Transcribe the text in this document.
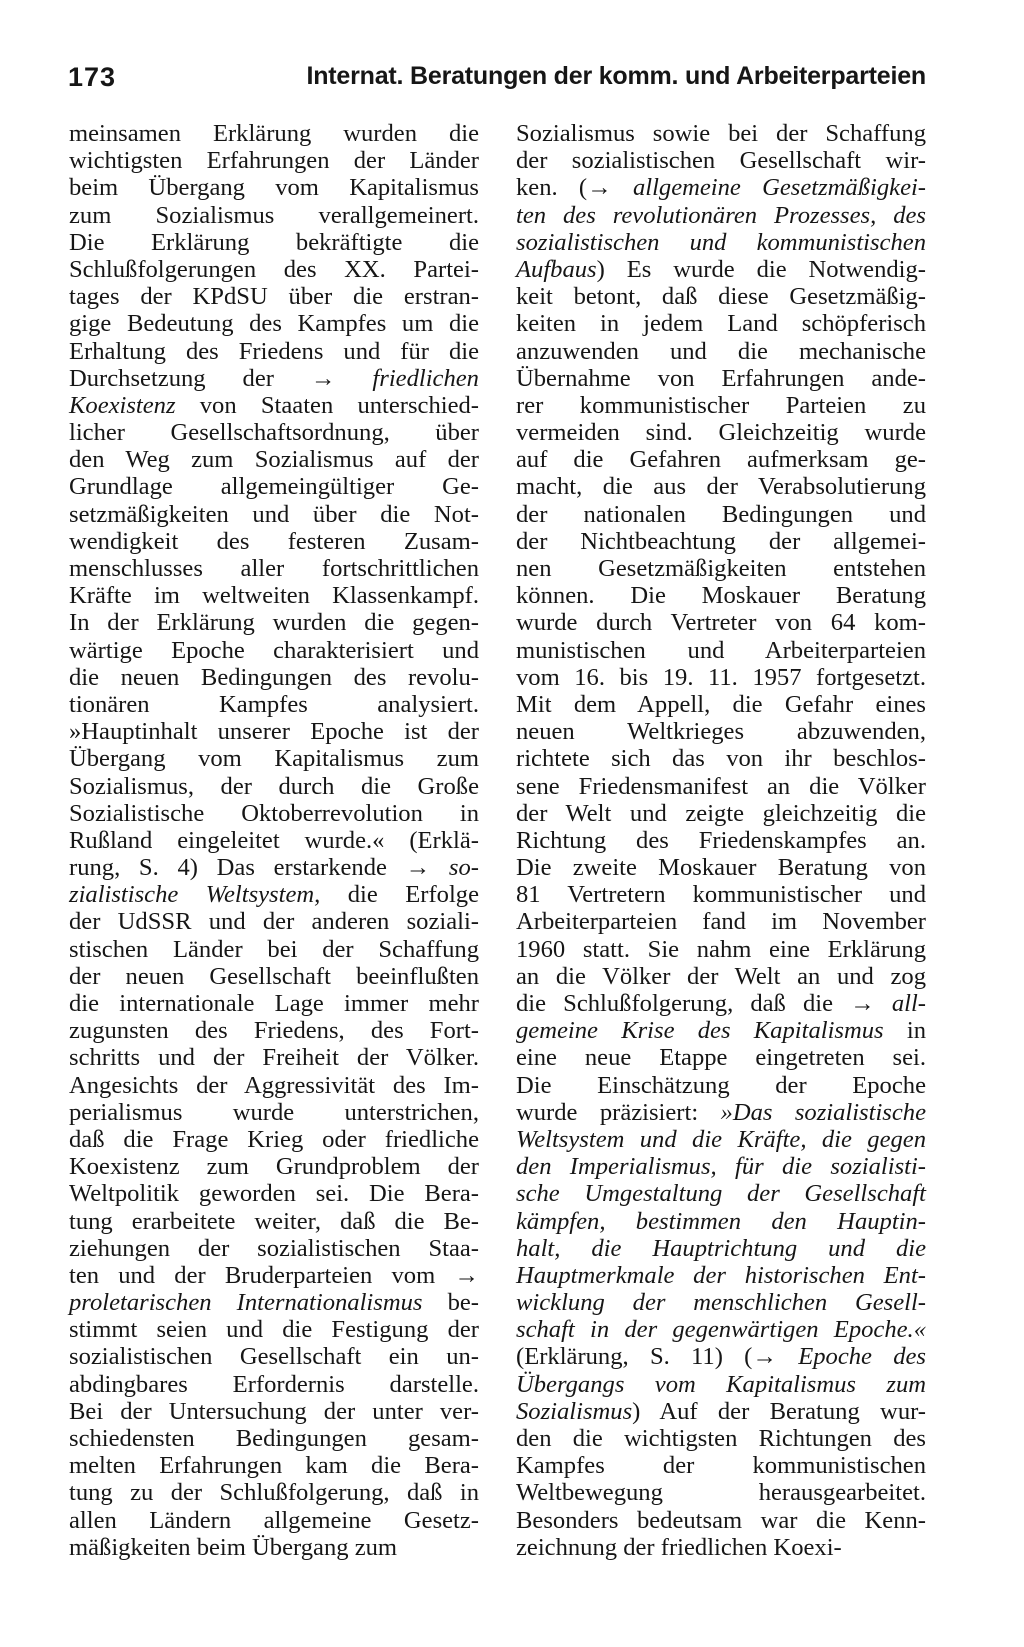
173	Internat. Beratungen der komm. und Arbeiterparteien
meinsamen Erklärung wurden die
wichtigsten Erfahrungen der Länder
beim Übergang vom Kapitalismus
zum Sozialismus verallgemeinert.
Die Erklärung bekräftigte die
Schlußfolgerungen des XX. Partei-
tages der KPdSU über die erstran-
gige Bedeutung des Kampfes um die
Erhaltung des Friedens und für die
Durchsetzung der → friedlichen
Koexistenz von Staaten unterschied-
licher Gesellschaftsordnung, über
den Weg zum Sozialismus auf der
Grundlage allgemeingültiger Ge-
setzmäßigkeiten und über die Not-
wendigkeit des festeren Zusam-
menschlusses aller fortschrittlichen
Kräfte im weltweiten Klassenkampf.
In der Erklärung wurden die gegen-
wärtige Epoche charakterisiert und
die neuen Bedingungen des revolu-
tionären Kampfes analysiert.
»Hauptinhalt unserer Epoche ist der
Übergang vom Kapitalismus zum
Sozialismus, der durch die Große
Sozialistische Oktoberrevolution in
Rußland eingeleitet wurde.« (Erklä-
rung, S. 4) Das erstarkende → so-
zialistische Weltsystem, die Erfolge
der UdSSR und der anderen soziali-
stischen Länder bei der Schaffung
der neuen Gesellschaft beeinflußten
die internationale Lage immer mehr
zugunsten des Friedens, des Fort-
schritts und der Freiheit der Völker.
Angesichts der Aggressivität des Im-
perialismus wurde unterstrichen,
daß die Frage Krieg oder friedliche
Koexistenz zum Grundproblem der
Weltpolitik geworden sei. Die Bera-
tung erarbeitete weiter, daß die Be-
ziehungen der sozialistischen Staa-
ten und der Bruderparteien vom →
proletarischen Internationalismus be-
stimmt seien und die Festigung der
sozialistischen Gesellschaft ein un-
abdingbares Erfordernis darstelle.
Bei der Untersuchung der unter ver-
schiedensten Bedingungen gesam-
melten Erfahrungen kam die Bera-
tung zu der Schlußfolgerung, daß in
allen Ländern allgemeine Gesetz-
mäßigkeiten beim Übergang zum
Sozialismus sowie bei der Schaffung
der sozialistischen Gesellschaft wir-
ken. (→ allgemeine Gesetzmäßigkei-
ten des revolutionären Prozesses, des
sozialistischen und kommunistischen
Aufbaus) Es wurde die Notwendig-
keit betont, daß diese Gesetzmäßig-
keiten in jedem Land schöpferisch
anzuwenden und die mechanische
Übernahme von Erfahrungen ande-
rer kommunistischer Parteien zu
vermeiden sind. Gleichzeitig wurde
auf die Gefahren aufmerksam ge-
macht, die aus der Verabsolutierung
der nationalen Bedingungen und
der Nichtbeachtung der allgemei-
nen Gesetzmäßigkeiten entstehen
können. Die Moskauer Beratung
wurde durch Vertreter von 64 kom-
munistischen und Arbeiterparteien
vom 16. bis 19. 11. 1957 fortgesetzt.
Mit dem Appell, die Gefahr eines
neuen Weltkrieges abzuwenden,
richtete sich das von ihr beschlos-
sene Friedensmanifest an die Völker
der Welt und zeigte gleichzeitig die
Richtung des Friedenskampfes an.
Die zweite Moskauer Beratung von
81 Vertretern kommunistischer und
Arbeiterparteien fand im November
1960 statt. Sie nahm eine Erklärung
an die Völker der Welt an und zog
die Schlußfolgerung, daß die → all-
gemeine Krise des Kapitalismus in
eine neue Etappe eingetreten sei.
Die Einschätzung der Epoche
wurde präzisiert: »Das sozialistische
Weltsystem und die Kräfte, die gegen
den Imperialismus, für die sozialisti-
sche Umgestaltung der Gesellschaft
kämpfen, bestimmen den Hauptin-
halt, die Hauptrichtung und die
Hauptmerkmale der historischen Ent-
wicklung der menschlichen Gesell-
schaft in der gegenwärtigen Epoche.«
(Erklärung, S. 11) (→ Epoche des
Übergangs vom Kapitalismus zum
Sozialismus) Auf der Beratung wur-
den die wichtigsten Richtungen des
Kampfes der kommunistischen
Weltbewegung herausgearbeitet.
Besonders bedeutsam war die Kenn-
zeichnung der friedlichen Koexi-
